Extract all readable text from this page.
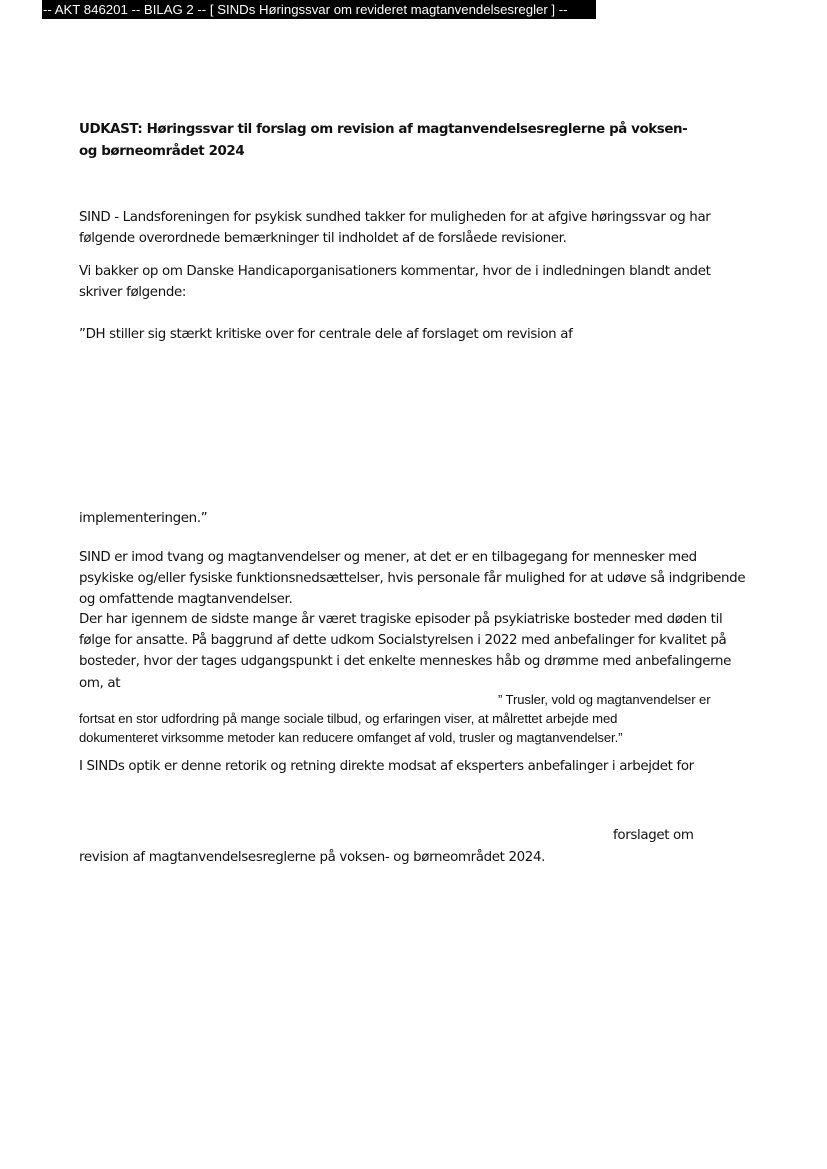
-- AKT 846201 -- BILAG 2 -- [ SINDs Høringssvar om revideret magtanvendelsesregler ] --

UDKAST: Høringssvar til forslag om revision af magtanvendelsesreglerne på voksen- og børneområdet 2024

SIND - Landsforeningen for psykisk sundhed takker for muligheden for at afgive høringssvar og har følgende overordnede bemærkninger til indholdet af de forslåede revisioner.

Vi bakker op om Danske Handicaporganisationers kommentar, hvor de i indledningen blandt andet skriver følgende:

”DH stiller sig stærkt kritiske over for centrale dele af forslaget om revision af

implementeringen.”

SIND er imod tvang og magtanvendelser og mener, at det er en tilbagegang for mennesker med psykiske og/eller fysiske funktionsnedsættelser, hvis personale får mulighed for at udøve så indgribende og omfattende magtanvendelser.

Der har igennem de sidste mange år været tragiske episoder på psykiatriske bosteder med døden til følge for ansatte. På baggrund af dette udkom Socialstyrelsen i 2022 med anbefalinger for kvalitet på bosteder, hvor der tages udgangspunkt i det enkelte menneskes håb og drømme med anbefalingerne om, at

” Trusler, vold og magtanvendelser er

fortsat en stor udfordring på mange sociale tilbud, og erfaringen viser, at målrettet arbejde med

dokumenteret virksomme metoder kan reducere omfanget af vold, trusler og magtanvendelser.”

I SINDs optik er denne retorik og retning direkte modsat af eksperters anbefalinger i arbejdet for

forslaget om

revision af magtanvendelsesreglerne på voksen- og børneområdet 2024.
